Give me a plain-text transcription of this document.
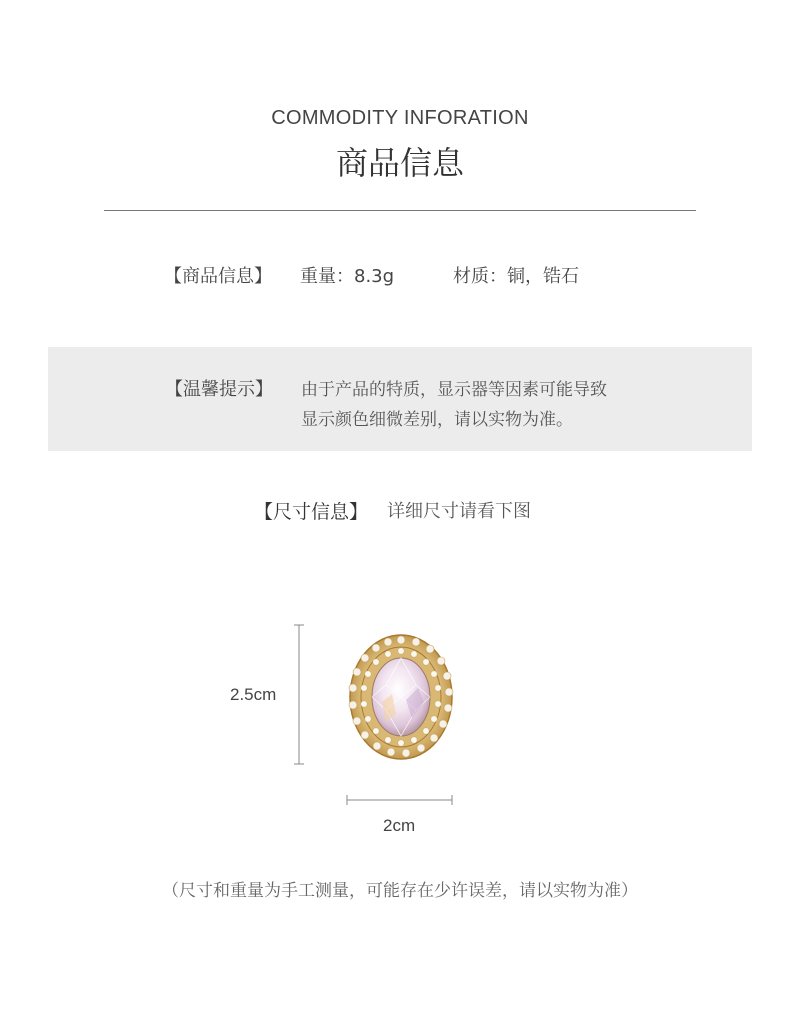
COMMODITY INFORATION
商品信息
【商品信息】 重量：8.3g	材质：铜，锆石
【温馨提示】 由于产品的特质，显示器等因素可能导致
显示颜色细微差别，请以实物为准。
【尺寸信息】 详细尺寸请看下图
2.5cm
2cm
（尺寸和重量为手工测量，可能存在少许误差，请以实物为准）
